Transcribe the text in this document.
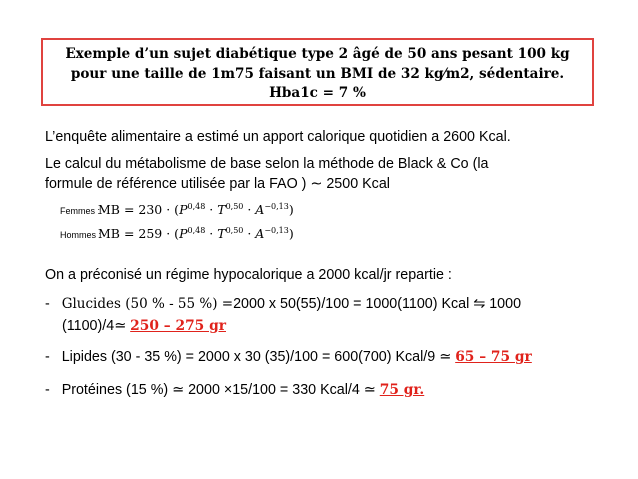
Exemple d’un sujet diabétique type 2 âgé de 50 ans pesant 100 kg
pour une taille de 1m75 faisant un BMI de 32 kg⁄m2, sédentaire.
Hba1c = 7 %
L’enquête alimentaire a estimé un apport calorique quotidien a 2600 Kcal.
Le calcul du métabolisme de base selon la méthode de Black & Co (la
formule de référence utilisée par la FAO ) ∼ 2500 Kcal
Femmes : MB = $230 \cdot (P^{0,48} \cdot T^{0,50} \cdot A^{-0,13})$
Hommes : MB = $259 \cdot (P^{0,48} \cdot T^{0,50} \cdot A^{-0,13})$
On a préconisé un régime hypocalorique a 2000 kcal/jr repartie :
- Glucides (50 % - 55 %) =2000 x 50(55)/100 = 1000(1100) Kcal ⇋ 1000
(1100)/4≃ 250 – 275 gr
- Lipides (30 - 35 %) = 2000 x 30 (35)/100 = 600(700) Kcal/9 ≃ 65 – 75 gr
- Protéines (15 %) ≃ 2000 ×15/100 = 330 Kcal/4 ≃ 75 gr.
